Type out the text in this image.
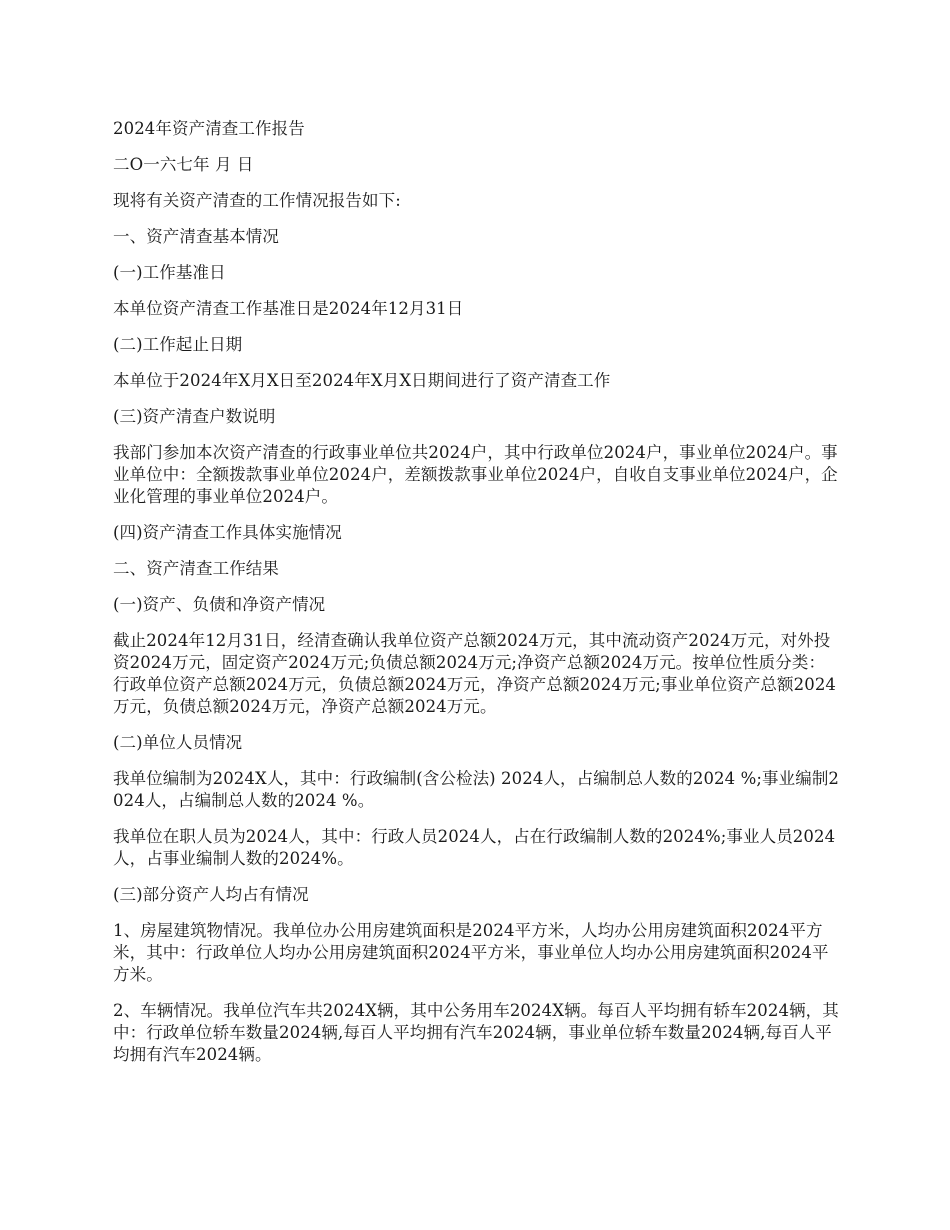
2024年资产清查工作报告

二O一六七年 月 日

现将有关资产清查的工作情况报告如下:

一、资产清查基本情况

(一)工作基准日

本单位资产清查工作基准日是2024年12月31日

(二)工作起止日期

本单位于2024年X月X日至2024年X月X日期间进行了资产清查工作

(三)资产清查户数说明

我部门参加本次资产清查的行政事业单位共2024户，其中行政单位2024户，事业单位2024户。事业单位中：全额拨款事业单位2024户，差额拨款事业单位2024户，自收自支事业单位2024户，企业化管理的事业单位2024户。

(四)资产清查工作具体实施情况

二、资产清查工作结果

(一)资产、负债和净资产情况

截止2024年12月31日，经清查确认我单位资产总额2024万元，其中流动资产2024万元，对外投资2024万元，固定资产2024万元;负债总额2024万元;净资产总额2024万元。按单位性质分类：行政单位资产总额2024万元，负债总额2024万元，净资产总额2024万元;事业单位资产总额2024万元，负债总额2024万元，净资产总额2024万元。

(二)单位人员情况

我单位编制为2024X人，其中：行政编制(含公检法) 2024人，占编制总人数的2024 %;事业编制2024人，占编制总人数的2024 %。

我单位在职人员为2024人，其中：行政人员2024人，占在行政编制人数的2024%;事业人员2024人，占事业编制人数的2024%。

(三)部分资产人均占有情况

1、房屋建筑物情况。我单位办公用房建筑面积是2024平方米，人均办公用房建筑面积2024平方米，其中：行政单位人均办公用房建筑面积2024平方米，事业单位人均办公用房建筑面积2024平方米。

2、车辆情况。我单位汽车共2024X辆，其中公务用车2024X辆。每百人平均拥有轿车2024辆，其中：行政单位轿车数量2024辆,每百人平均拥有汽车2024辆，事业单位轿车数量2024辆,每百人平均拥有汽车2024辆。
